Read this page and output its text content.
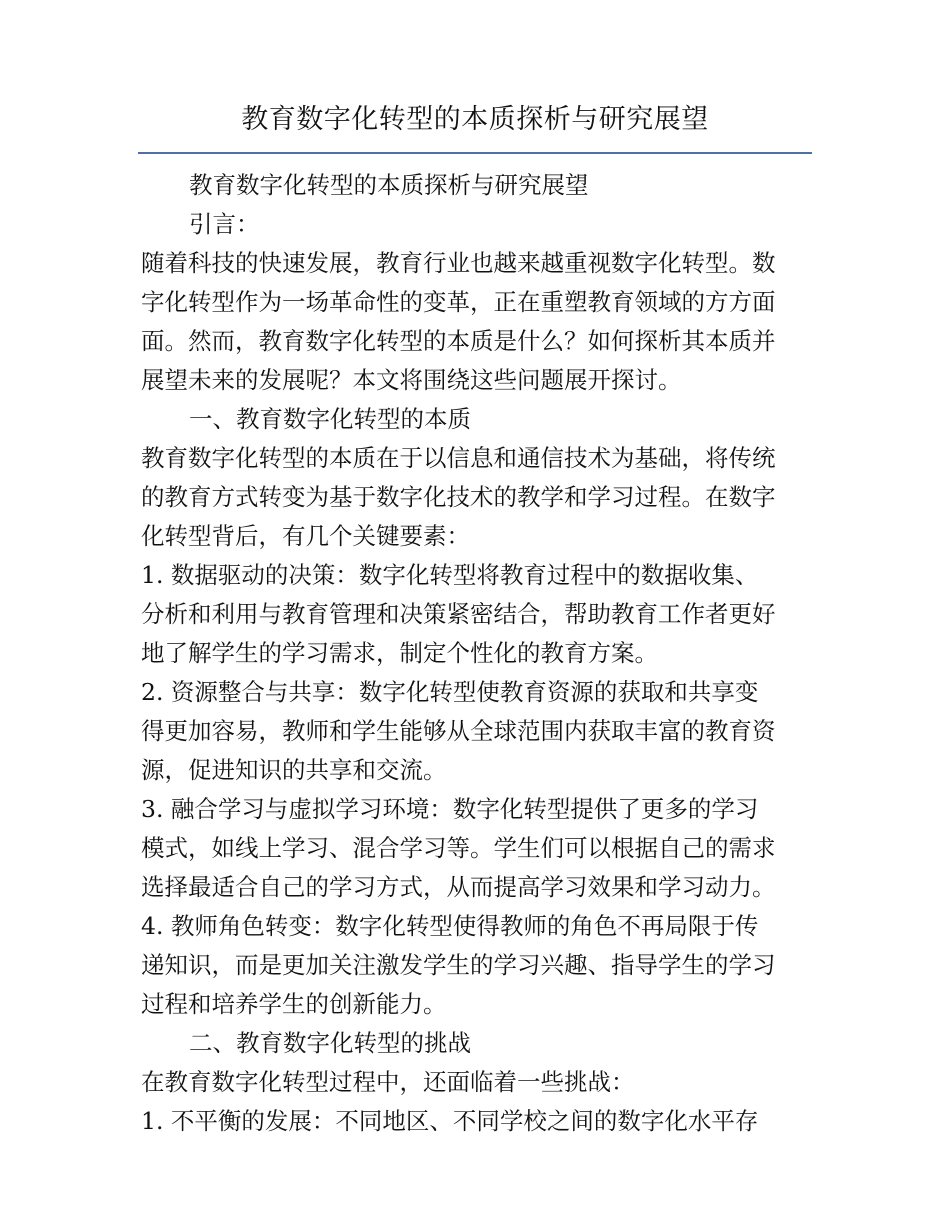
教育数字化转型的本质探析与研究展望
教育数字化转型的本质探析与研究展望
引言：
随着科技的快速发展，教育行业也越来越重视数字化转型。数
字化转型作为一场革命性的变革，正在重塑教育领域的方方面
面。然而，教育数字化转型的本质是什么？如何探析其本质并
展望未来的发展呢？本文将围绕这些问题展开探讨。
一、教育数字化转型的本质
教育数字化转型的本质在于以信息和通信技术为基础，将传统
的教育方式转变为基于数字化技术的教学和学习过程。在数字
化转型背后，有几个关键要素：
1. 数据驱动的决策：数字化转型将教育过程中的数据收集、
分析和利用与教育管理和决策紧密结合，帮助教育工作者更好
地了解学生的学习需求，制定个性化的教育方案。
2. 资源整合与共享：数字化转型使教育资源的获取和共享变
得更加容易，教师和学生能够从全球范围内获取丰富的教育资
源，促进知识的共享和交流。
3. 融合学习与虚拟学习环境：数字化转型提供了更多的学习
模式，如线上学习、混合学习等。学生们可以根据自己的需求
选择最适合自己的学习方式，从而提高学习效果和学习动力。
4. 教师角色转变：数字化转型使得教师的角色不再局限于传
递知识，而是更加关注激发学生的学习兴趣、指导学生的学习
过程和培养学生的创新能力。
二、教育数字化转型的挑战
在教育数字化转型过程中，还面临着一些挑战：
1. 不平衡的发展：不同地区、不同学校之间的数字化水平存
